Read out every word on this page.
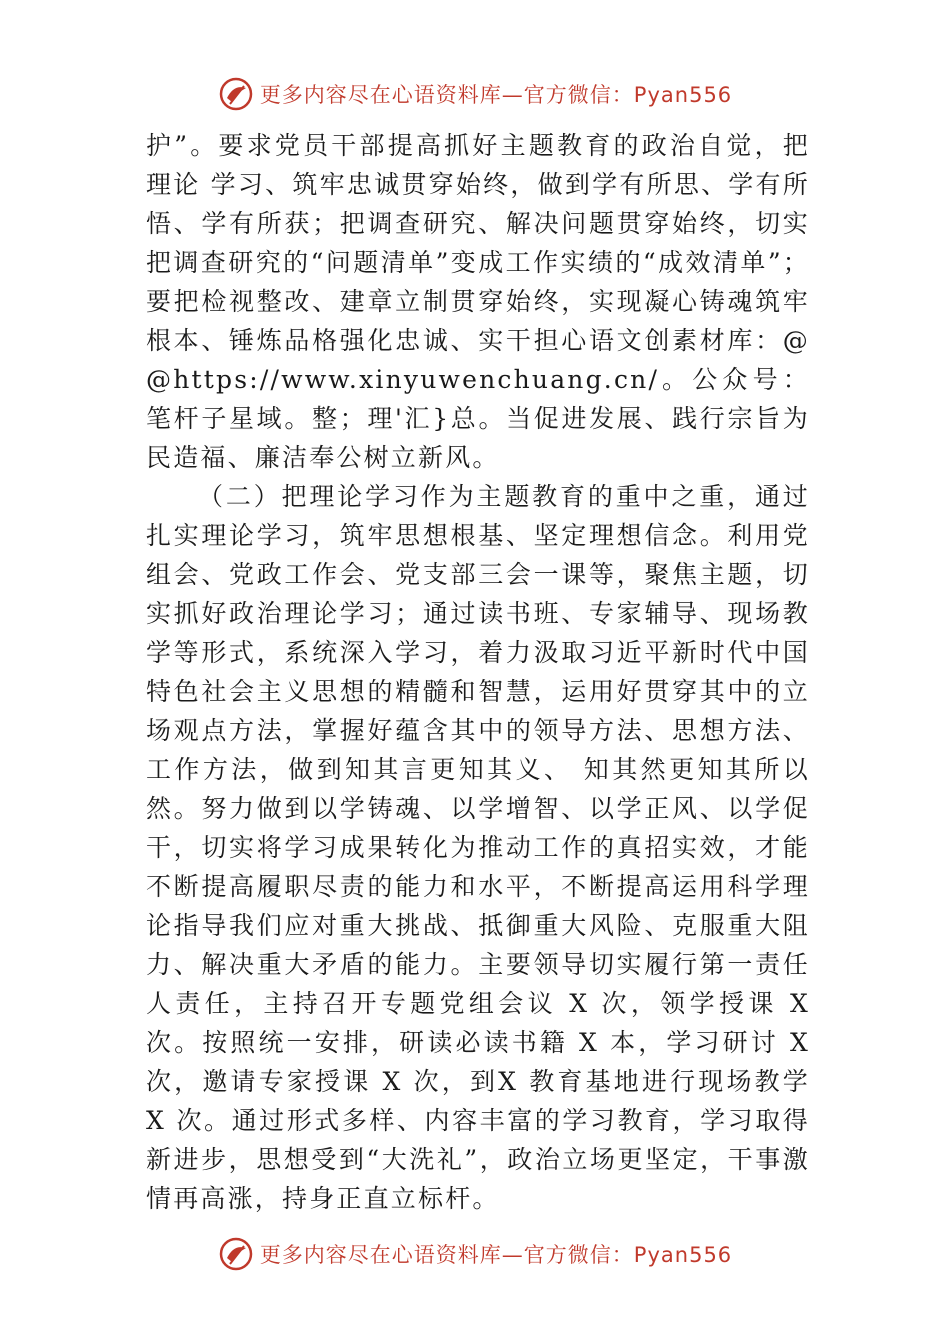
更多内容尽在心语资料库—官方微信：Pyan556

护”。要求党员干部提高抓好主题教育的政治自觉，把理论 学习、筑牢忠诚贯穿始终，做到学有所思、学有所悟、学有所获；把调查研究、解决问题贯穿始终，切实把调查研究的“问题清单”变成工作实绩的“成效清单”；要把检视整改、建章立制贯穿始终，实现凝心铸魂筑牢根本、锤炼品格强化忠诚、实干担心语文创素材库：@@https://www.xinyuwenchuang.cn/。公众号：笔杆子星域。整；理'汇}总。当促进发展、践行宗旨为民造福、廉洁奉公树立新风。

（二）把理论学习作为主题教育的重中之重，通过扎实理论学习，筑牢思想根基、坚定理想信念。利用党组会、党政工作会、党支部三会一课等，聚焦主题，切实抓好政治理论学习；通过读书班、专家辅导、现场教学等形式，系统深入学习，着力汲取习近平新时代中国特色社会主义思想的精髓和智慧，运用好贯穿其中的立场观点方法，掌握好蕴含其中的领导方法、思想方法、工作方法，做到知其言更知其义、 知其然更知其所以然。努力做到以学铸魂、以学增智、以学正风、以学促干，切实将学习成果转化为推动工作的真招实效，才能不断提高履职尽责的能力和水平，不断提高运用科学理论指导我们应对重大挑战、抵御重大风险、克服重大阻力、解决重大矛盾的能力。主要领导切实履行第一责任人责任，主持召开专题党组会议 X 次，领学授课 X 次。按照统一安排，研读必读书籍 X 本，学习研讨 X 次，邀请专家授课 X 次，到X 教育基地进行现场教学 X 次。通过形式多样、内容丰富的学习教育，学习取得新进步，思想受到“大洗礼”，政治立场更坚定，干事激情再高涨，持身正直立标杆。

更多内容尽在心语资料库—官方微信：Pyan556
